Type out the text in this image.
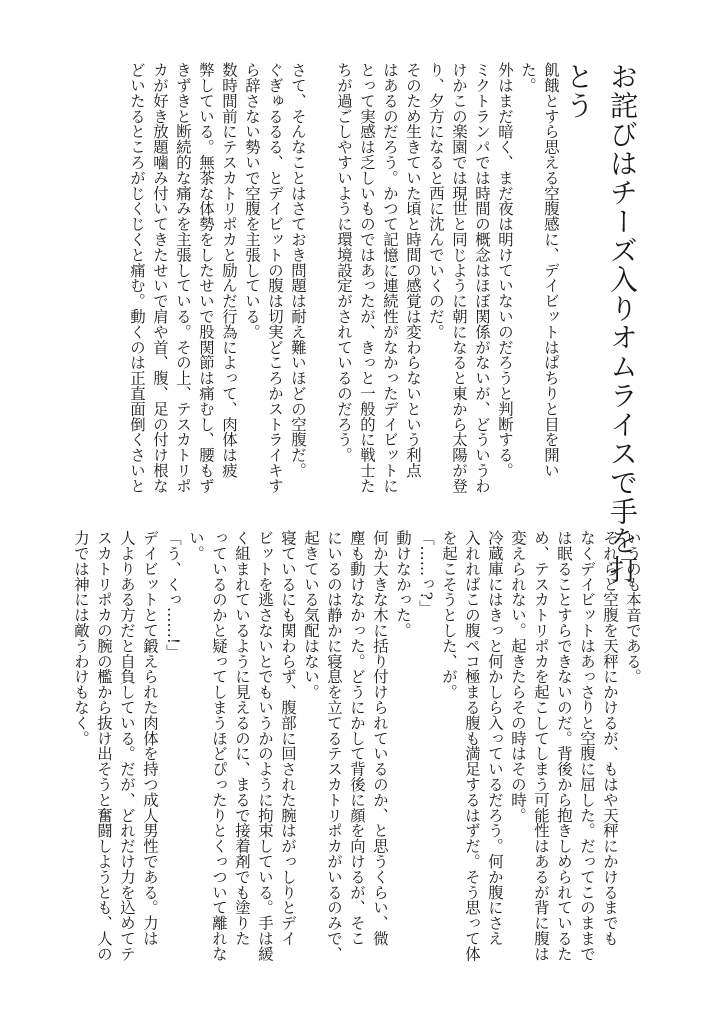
お詫びはチーズ入りオムライスで手を打
とう
飢餓とすら思える空腹感に、デイビットはぱちりと目を開い
た。
外はまだ暗く、まだ夜は明けていないのだろうと判断する。
ミクトランパでは時間の概念はほぼ関係がないが、どういうわ
けかこの楽園では現世と同じように朝になると東から太陽が登
り、夕方になると西に沈んでいくのだ。
そのため生きていた頃と時間の感覚は変わらないという利点
はあるのだろう。かつて記憶に連続性がなかったデイビットに
とって実感は乏しいものではあったが、きっと一般的に戦士た
ちが過ごしやすいように環境設定がされているのだろう。

さて、そんなことはさておき問題は耐え難いほどの空腹だ。
ぐぎゅるるる、とデイビットの腹は切実どころかストライキす
ら辞さない勢いで空腹を主張している。
数時間前にテスカトリポカと励んだ行為によって、肉体は疲
弊している。無茶な体勢をしたせいで股関節は痛むし、腰もず
きずきと断続的な痛みを主張している。その上、テスカトリポ
カが好き放題噛み付いてきたせいで肩や首、腹、足の付け根な
どいたるところがじくじくと痛む。動くのは正直面倒くさいと
いうのも本音である。
それらと空腹を天秤にかけるが、もはや天秤にかけるまでも
なくデイビットはあっさりと空腹に屈した。だってこのままで
は眠ることすらできないのだ。背後から抱きしめられているた
め、テスカトリポカを起こしてしまう可能性はあるが背に腹は
変えられない。起きたらその時はその時。
冷蔵庫にはきっと何かしら入っているだろう。何か腹にさえ
入れればこの腹ペコ極まる腹も満足するはずだ。そう思って体
を起こそうとした、が。
「……っ?」
動けなかった。
何か大きな木に括り付けられているのか、と思うくらい、微
塵も動けなかった。どうにかして背後に顔を向けるが、そこ
にいるのは静かに寝息を立てるテスカトリポカがいるのみで、
起きている気配はない。
寝ているにも関わらず、腹部に回された腕はがっしりとデイ
ビットを逃さないとでもいうかのように拘束している。手は緩
く組まれているように見えるのに、まるで接着剤でも塗りた
っているのかと疑ってしまうほどぴったりとくっついて離れな
い。
「う、くっ……!」
デイビットとて鍛えられた肉体を持つ成人男性である。力は
人よりある方だと自負している。だが、どれだけ力を込めてテ
スカトリポカの腕の檻から抜け出そうと奮闘しようとも、人の
力では神には敵うわけもなく。
